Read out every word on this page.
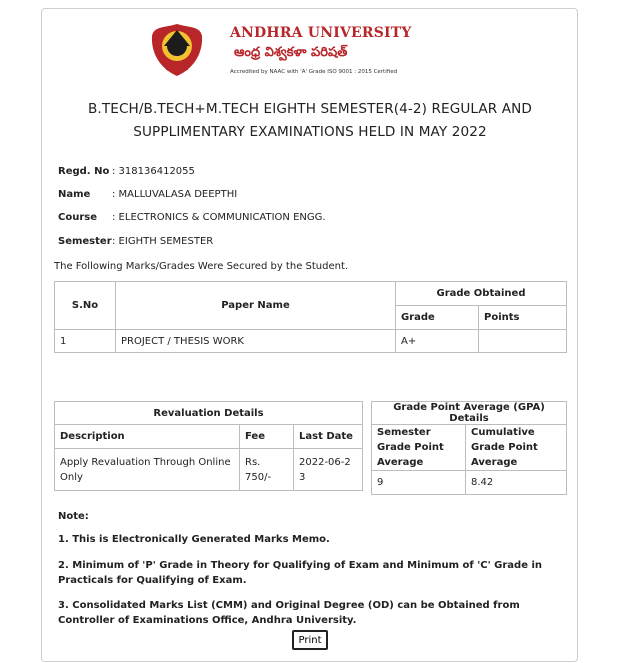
ANDHRA UNIVERSITY
ఆంధ్ర విశ్వకళా పరిషత్
Accredited by NAAC with 'A' Grade ISO 9001 : 2015 Certified
B.TECH/B.TECH+M.TECH EIGHTH SEMESTER(4-2) REGULAR AND
SUPPLIMENTARY EXAMINATIONS HELD IN MAY 2022
Regd. No : 318136412055
Name : MALLUVALASA DEEPTHI
Course : ELECTRONICS & COMMUNICATION ENGG.
Semester : EIGHTH SEMESTER
The Following Marks/Grades Were Secured by the Student.
S.No	Paper Name	Grade Obtained	
		Grade	Points
1	PROJECT / THESIS WORK	A+	
Revaluation Details		
Description	Fee	Last Date
Apply Revaluation Through Online Only	Rs. 750/-	2022-06-23
Grade Point Average (GPA) Details	
Semester Grade Point Average	Cumulative Grade Point Average
9	8.42
Note:
1. This is Electronically Generated Marks Memo.
2. Minimum of 'P' Grade in Theory for Qualifying of Exam and Minimum of 'C' Grade in Practicals for Qualifying of Exam.
3. Consolidated Marks List (CMM) and Original Degree (OD) can be Obtained from Controller of Examinations Office, Andhra University.
Print
